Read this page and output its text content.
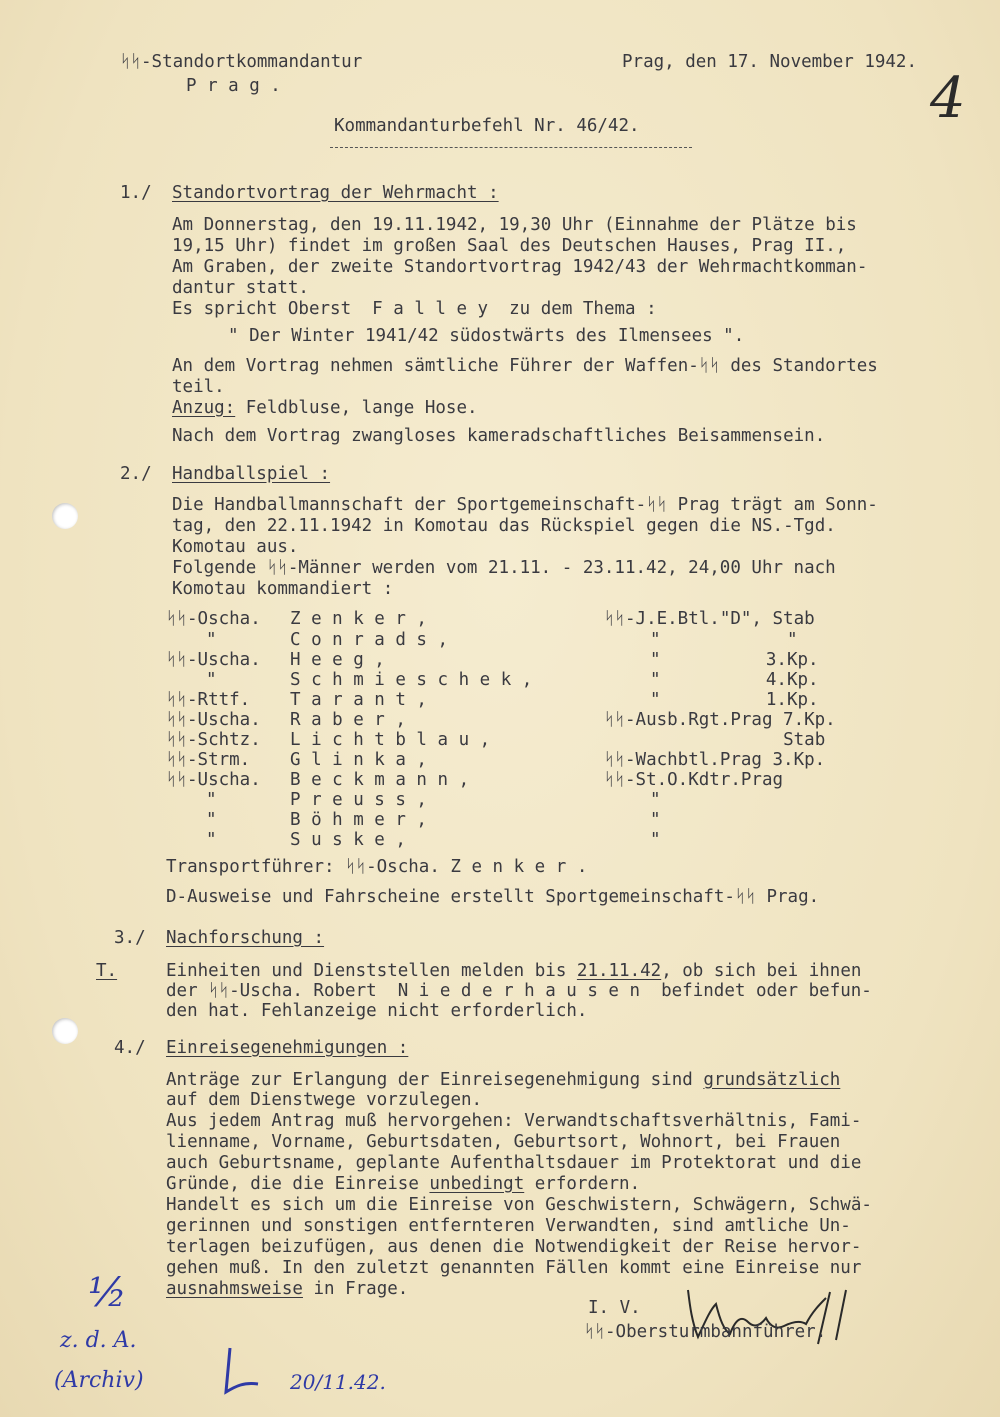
ᛋᛋ-Standortkommandantur
P r a g .
Prag, den 17. November 1942.
4
Kommandanturbefehl Nr. 46/42.
1./ Standortvortrag der Wehrmacht :
Am Donnerstag, den 19.11.1942, 19,30 Uhr (Einnahme der Plätze bis
19,15 Uhr) findet im großen Saal des Deutschen Hauses, Prag II.,
Am Graben, der zweite Standortvortrag 1942/43 der Wehrmachtkomman-
dantur statt.
Es spricht Oberst  F a l l e y  zu dem Thema :
" Der Winter 1941/42 südostwärts des Ilmensees ".
An dem Vortrag nehmen sämtliche Führer der Waffen-ᛋᛋ des Standortes
teil.
Anzug: Feldbluse, lange Hose.
Nach dem Vortrag zwangloses kameradschaftliches Beisammensein.
2./ Handballspiel :
Die Handballmannschaft der Sportgemeinschaft-ᛋᛋ Prag trägt am Sonn-
tag, den 22.11.1942 in Komotau das Rückspiel gegen die NS.-Tgd.
Komotau aus.
Folgende ᛋᛋ-Männer werden vom 21.11. - 23.11.42, 24,00 Uhr nach
Komotau kommandiert :
ᛋᛋ-Oscha. Z e n k e r ,	ᛋᛋ-J.E.Btl."D", Stab
"	C o n r a d s ,	"            "
ᛋᛋ-Uscha. H e e g ,	"          3.Kp.
"	S c h m i e s c h e k ,	"          4.Kp.
ᛋᛋ-Rttf. T a r a n t ,	"          1.Kp.
ᛋᛋ-Uscha. R a b e r ,	ᛋᛋ-Ausb.Rgt.Prag 7.Kp.
ᛋᛋ-Schtz. L i c h t b l a u ,	Stab
ᛋᛋ-Strm. G l i n k a ,	ᛋᛋ-Wachbtl.Prag 3.Kp.
ᛋᛋ-Uscha. B e c k m a n n ,	ᛋᛋ-St.O.Kdtr.Prag
"	P r e u s s ,	"
"	B ö h m e r ,	"
"	S u s k e ,	"
Transportführer: ᛋᛋ-Oscha. Z e n k e r .
D-Ausweise und Fahrscheine erstellt Sportgemeinschaft-ᛋᛋ Prag.
3./ Nachforschung :
T.	Einheiten und Dienststellen melden bis 21.11.42, ob sich bei ihnen
der ᛋᛋ-Uscha. Robert  N i e d e r h a u s e n  befindet oder befun-
den hat. Fehlanzeige nicht erforderlich.
4./ Einreisegenehmigungen :
Anträge zur Erlangung der Einreisegenehmigung sind grundsätzlich
auf dem Dienstwege vorzulegen.
Aus jedem Antrag muß hervorgehen: Verwandtschaftsverhältnis, Fami-
lienname, Vorname, Geburtsdaten, Geburtsort, Wohnort, bei Frauen
auch Geburtsname, geplante Aufenthaltsdauer im Protektorat und die
Gründe, die die Einreise unbedingt erfordern.
Handelt es sich um die Einreise von Geschwistern, Schwägern, Schwä-
gerinnen und sonstigen entfernteren Verwandten, sind amtliche Un-
terlagen beizufügen, aus denen die Notwendigkeit der Reise hervor-
gehen muß. In den zuletzt genannten Fällen kommt eine Einreise nur
ausnahmsweise in Frage.
I. V.
ᛋᛋ-Obersturmbannführer.
½
z. d. A.
(Archiv)	20/11.42.
